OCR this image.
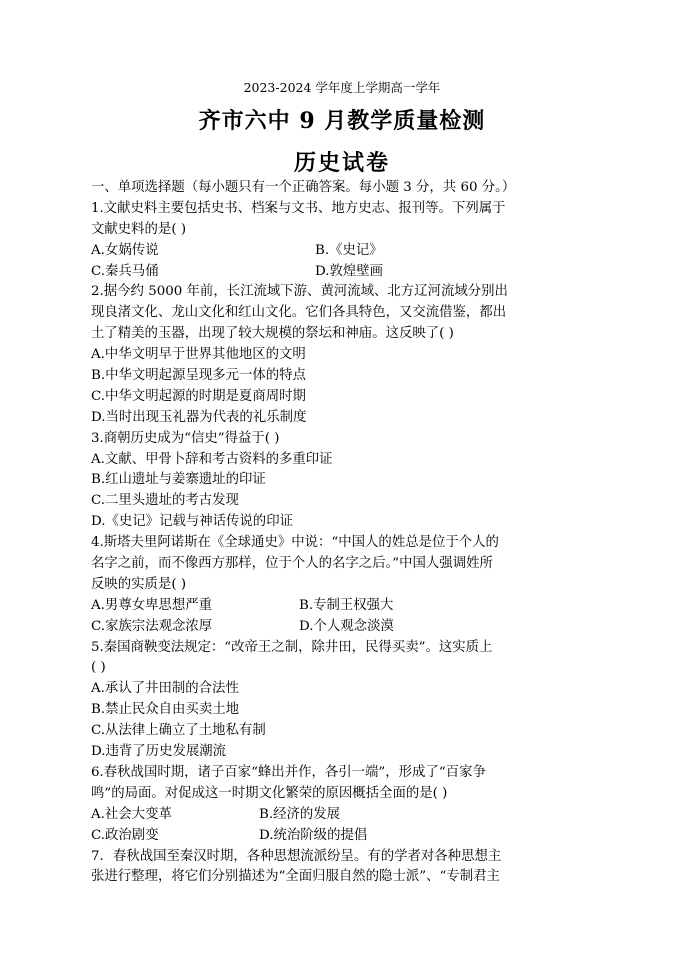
2023-2024 学年度上学期高一学年
齐市六中 9 月教学质量检测
历史试卷
一、单项选择题（每小题只有一个正确答案。每小题 3 分，共 60 分。）
1.文献史料主要包括史书、档案与文书、地方史志、报刊等。下列属于
文献史料的是( )
A.女娲传说	B.《史记》
C.秦兵马俑	D.敦煌壁画
2.据今约 5000 年前，长江流域下游、黄河流域、北方辽河流域分别出
现良渚文化、龙山文化和红山文化。它们各具特色，又交流借鉴，都出
土了精美的玉器，出现了较大规模的祭坛和神庙。这反映了( )
A.中华文明早于世界其他地区的文明
B.中华文明起源呈现多元一体的特点
C.中华文明起源的时期是夏商周时期
D.当时出现玉礼器为代表的礼乐制度
3.商朝历史成为“信史”得益于( )
A.文献、甲骨卜辞和考古资料的多重印证
B.红山遗址与姜寨遗址的印证
C.二里头遗址的考古发现
D.《史记》记载与神话传说的印证
4.斯塔夫里阿诺斯在《全球通史》中说：“中国人的姓总是位于个人的
名字之前，而不像西方那样，位于个人的名字之后。”中国人强调姓所
反映的实质是( )
A.男尊女卑思想严重	B.专制王权强大
C.家族宗法观念浓厚	D.个人观念淡漠
5.秦国商鞅变法规定：“改帝王之制，除井田，民得买卖”。这实质上
( )
A.承认了井田制的合法性
B.禁止民众自由买卖土地
C.从法律上确立了土地私有制
D.违背了历史发展潮流
6.春秋战国时期，诸子百家“蜂出并作，各引一端”，形成了“百家争
鸣”的局面。对促成这一时期文化繁荣的原因概括全面的是( )
A.社会大变革	B.经济的发展
C.政治剧变	D.统治阶级的提倡
7．春秋战国至秦汉时期，各种思想流派纷呈。有的学者对各种思想主
张进行整理，将它们分别描述为“全面归服自然的隐士派”、“专制君主
